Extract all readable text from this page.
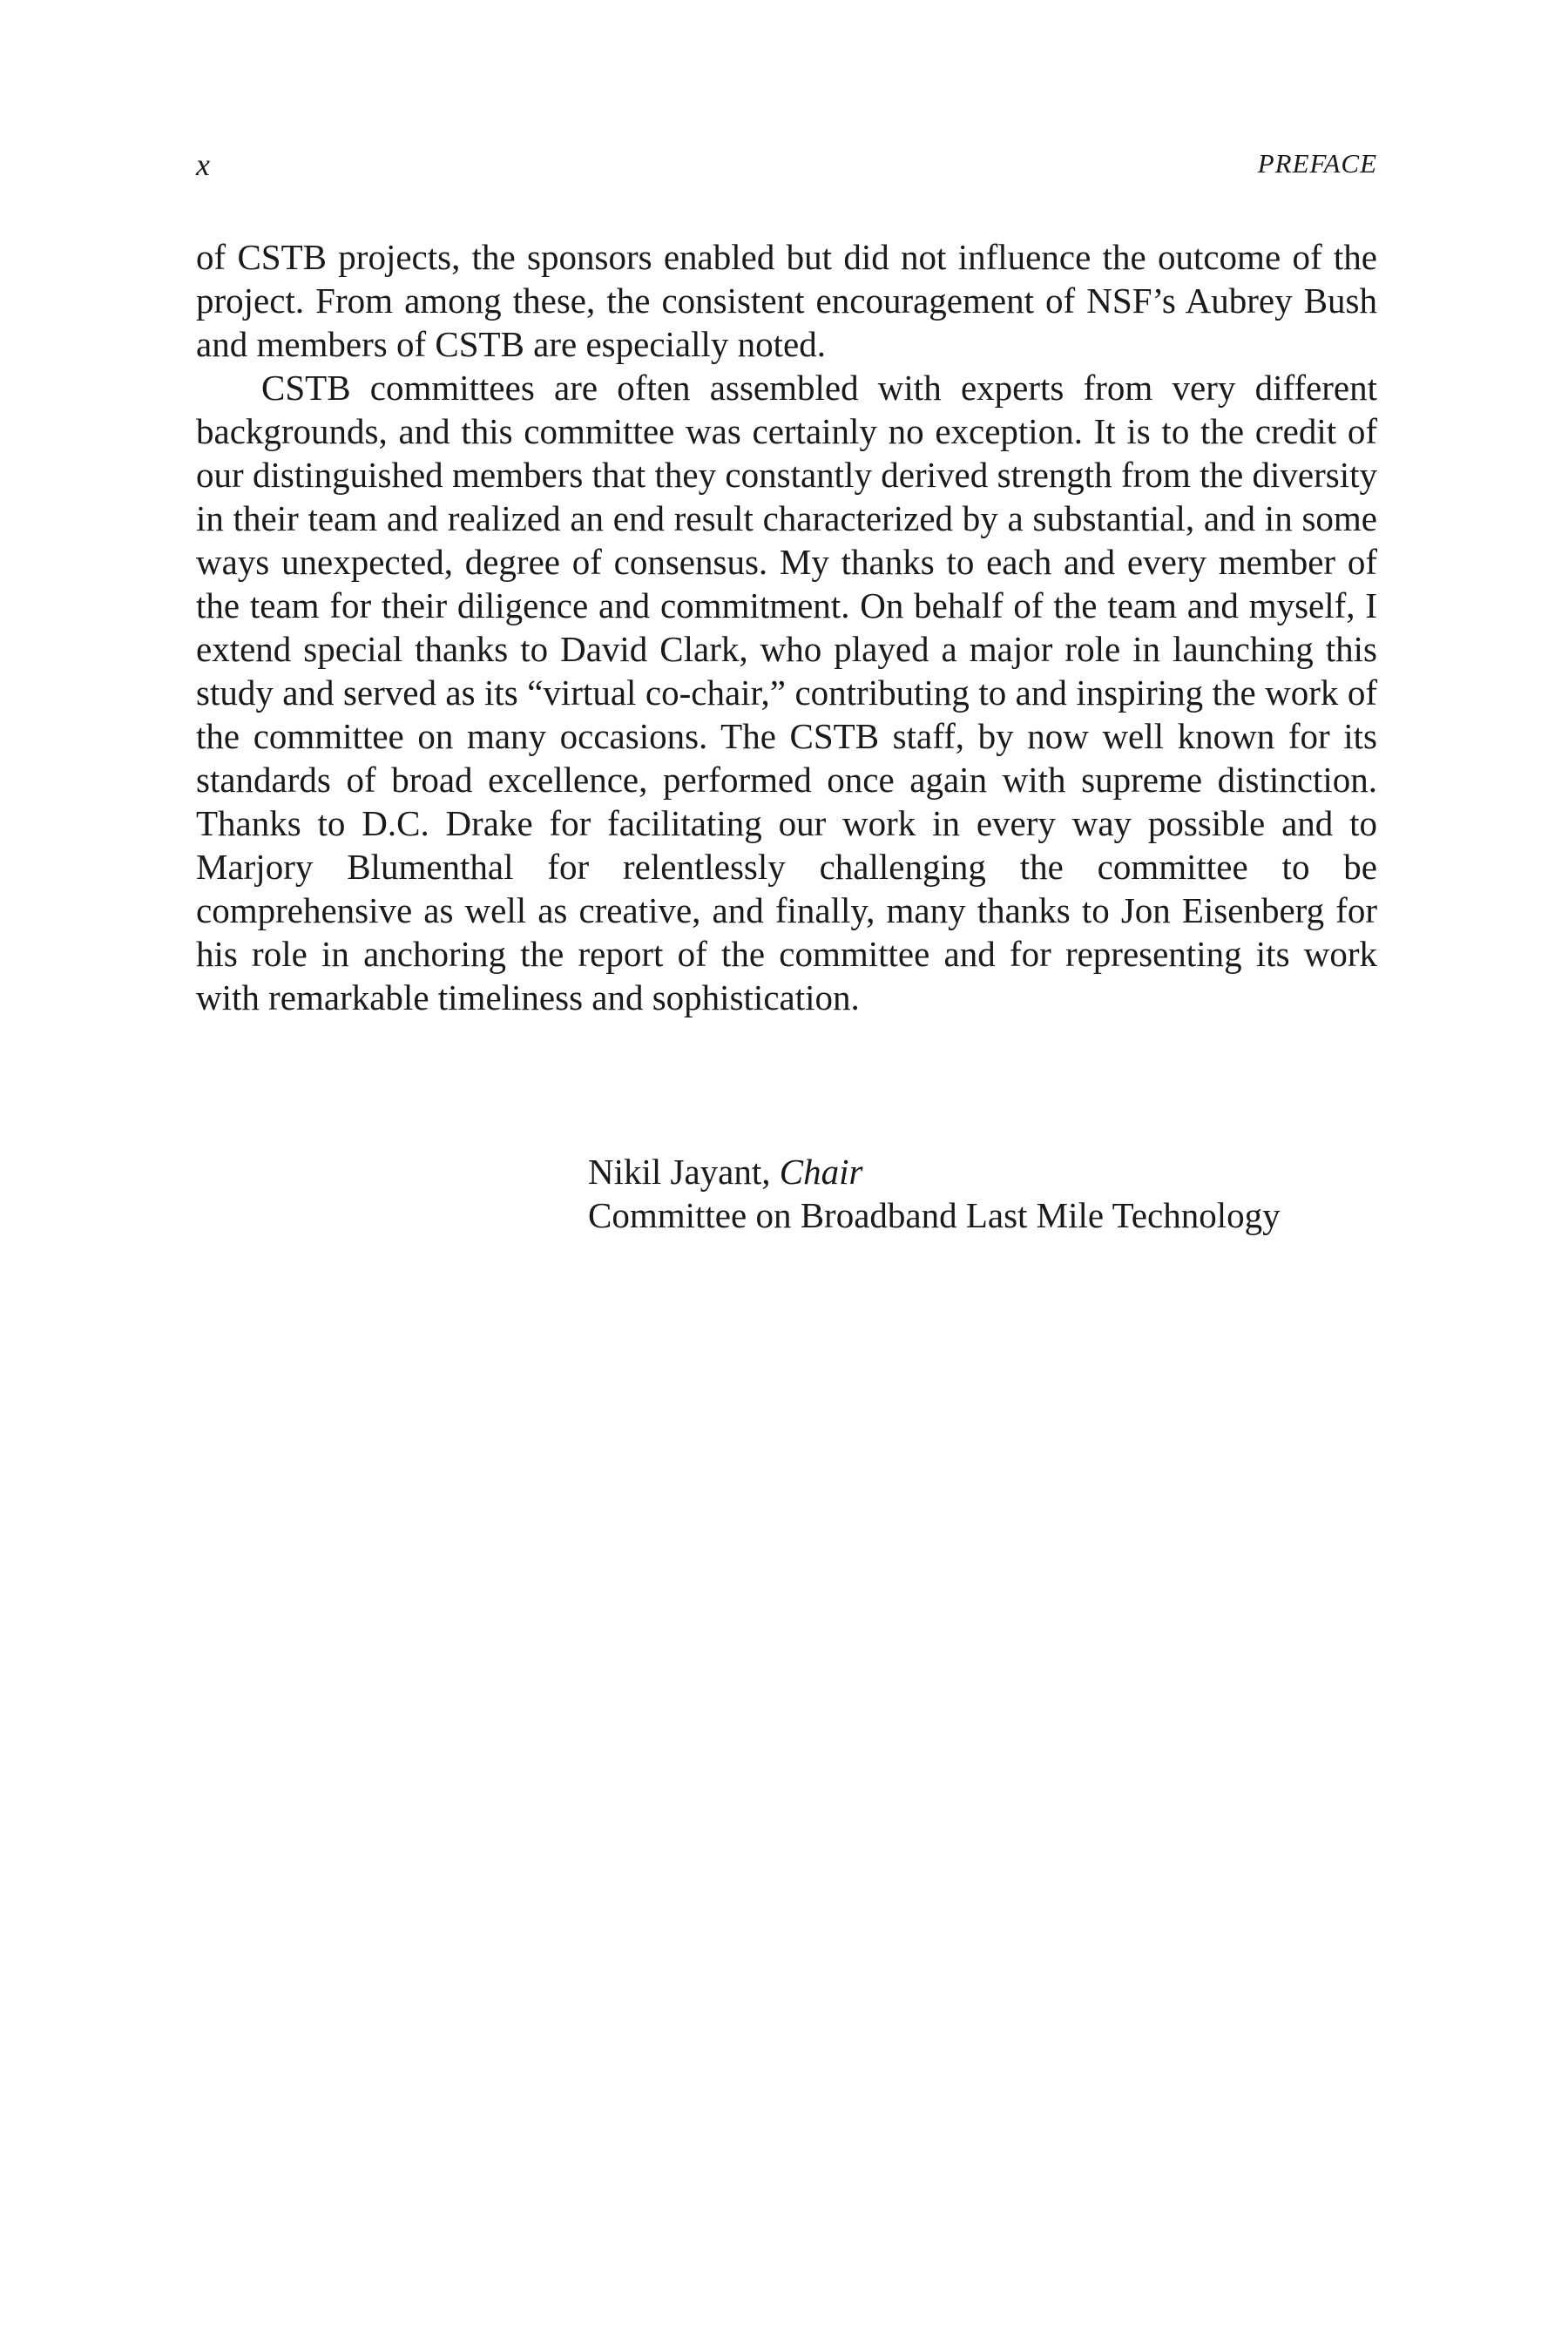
x	PREFACE

of CSTB projects, the sponsors enabled but did not influence the outcome of the project. From among these, the consistent encouragement of NSF’s Aubrey Bush and members of CSTB are especially noted.

CSTB committees are often assembled with experts from very different backgrounds, and this committee was certainly no exception. It is to the credit of our distinguished members that they constantly derived strength from the diversity in their team and realized an end result characterized by a substantial, and in some ways unexpected, degree of consensus. My thanks to each and every member of the team for their diligence and commitment. On behalf of the team and myself, I extend special thanks to David Clark, who played a major role in launching this study and served as its “virtual co-chair,” contributing to and inspiring the work of the committee on many occasions. The CSTB staff, by now well known for its standards of broad excellence, performed once again with supreme distinction. Thanks to D.C. Drake for facilitating our work in every way possible and to Marjory Blumenthal for relentlessly challenging the committee to be comprehensive as well as creative, and finally, many thanks to Jon Eisenberg for his role in anchoring the report of the committee and for representing its work with remarkable timeliness and sophistication.

Nikil Jayant, Chair
Committee on Broadband Last Mile Technology
